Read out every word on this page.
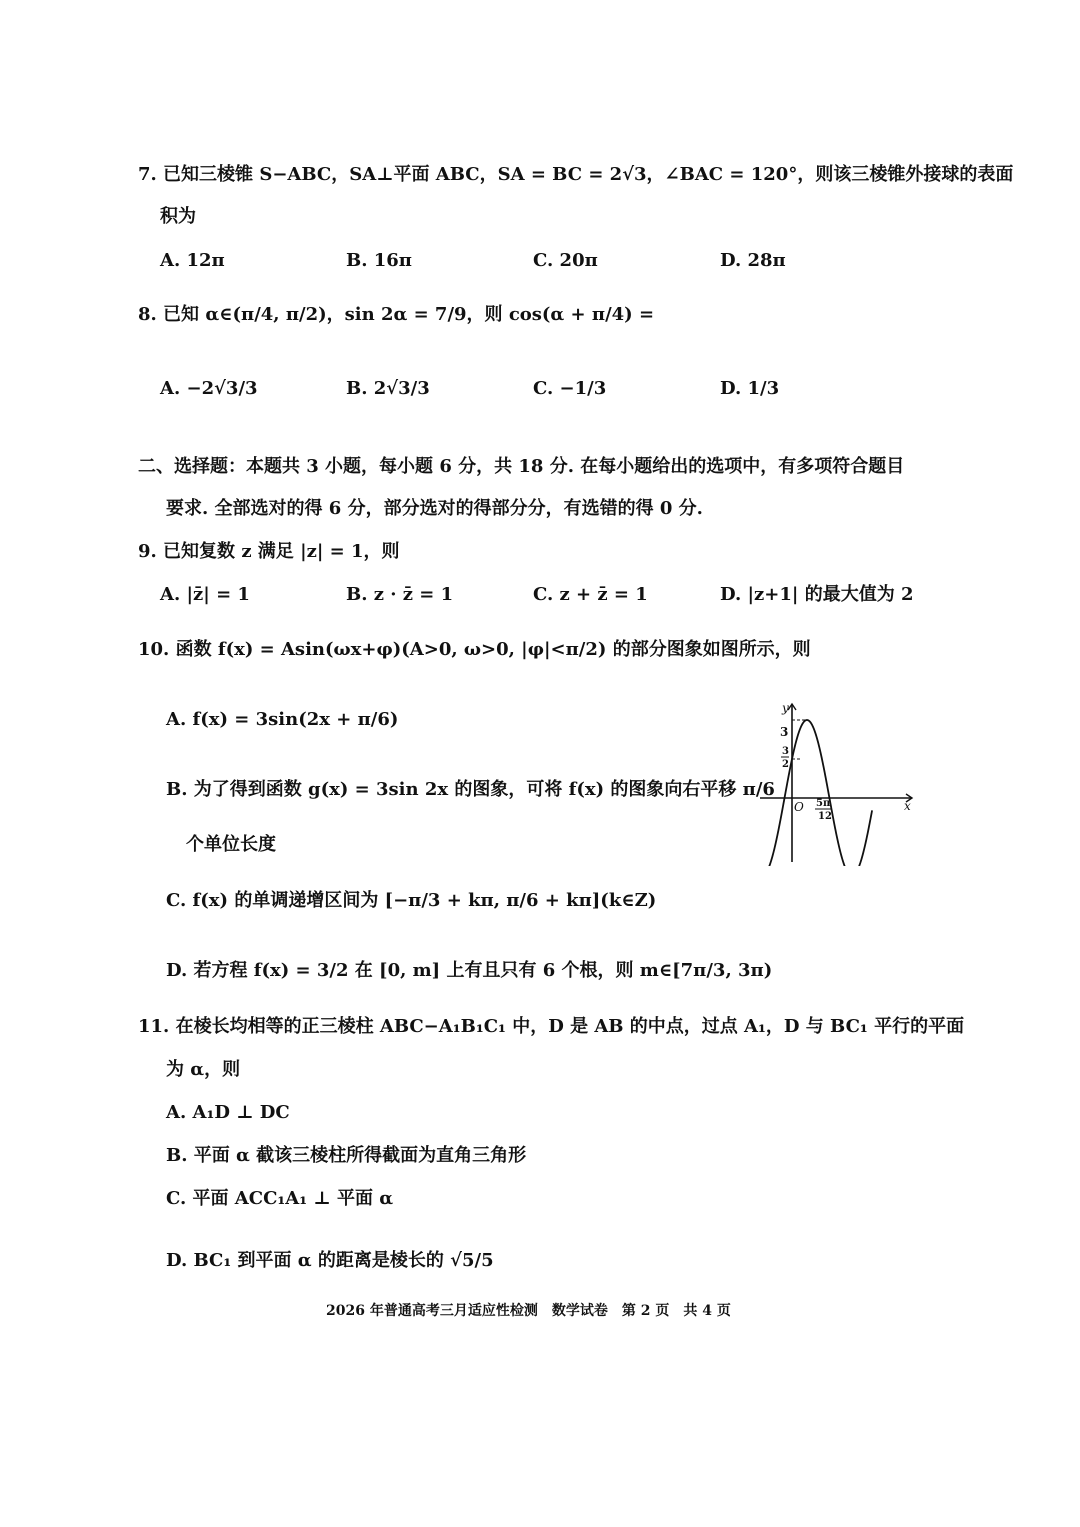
7. 已知三棱锥 S−ABC，SA⊥平面 ABC，SA = BC = 2√3，∠BAC = 120°，则该三棱锥外接球的表面
积为
A. 12π	B. 16π	C. 20π	D. 28π
8. 已知 α∈(π/4, π/2)，sin 2α = 7/9，则 cos(α + π/4) =
A. −2√3/3	B. 2√3/3	C. −1/3	D. 1/3
二、选择题：本题共 3 小题，每小题 6 分，共 18 分. 在每小题给出的选项中，有多项符合题目
要求. 全部选对的得 6 分，部分选对的得部分分，有选错的得 0 分.
9. 已知复数 z 满足 |z| = 1，则
A. |z̄| = 1	B. z · z̄ = 1	C. z + z̄ = 1	D. |z+1| 的最大值为 2
10. 函数 f(x) = Asin(ωx+φ)(A>0, ω>0, |φ|<π/2) 的部分图象如图所示，则
A. f(x) = 3sin(2x + π/6)
B. 为了得到函数 g(x) = 3sin 2x 的图象，可将 f(x) 的图象向右平移 π/6
个单位长度
C. f(x) 的单调递增区间为 [−π/3 + kπ, π/6 + kπ](k∈Z)
D. 若方程 f(x) = 3/2 在 [0, m] 上有且只有 6 个根，则 m∈[7π/3, 3π)
y
x
O
3
3
2
5π
12
11. 在棱长均相等的正三棱柱 ABC−A₁B₁C₁ 中，D 是 AB 的中点，过点 A₁，D 与 BC₁ 平行的平面
为 α，则
A. A₁D ⊥ DC
B. 平面 α 截该三棱柱所得截面为直角三角形
C. 平面 ACC₁A₁ ⊥ 平面 α
D. BC₁ 到平面 α 的距离是棱长的 √5/5
2026 年普通高考三月适应性检测　数学试卷　第 2 页　共 4 页
